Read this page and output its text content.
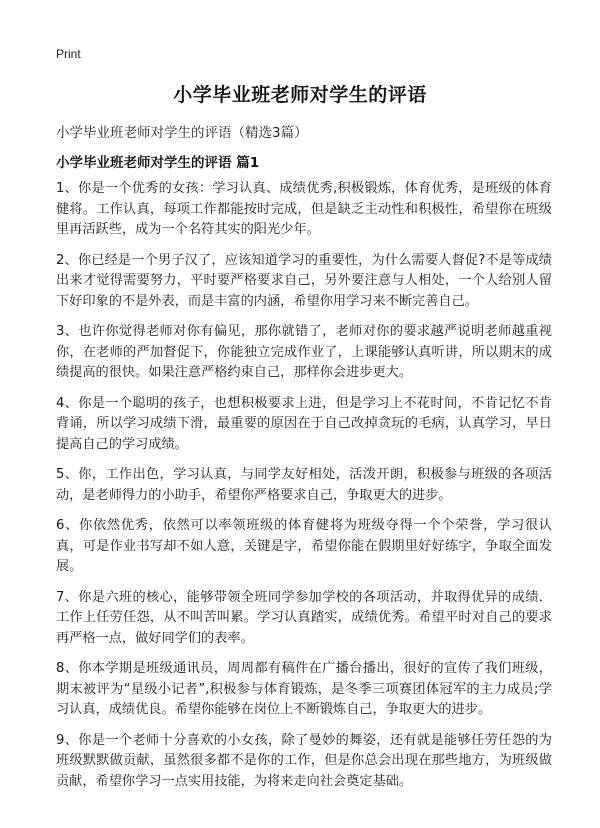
Print
小学毕业班老师对学生的评语
小学毕业班老师对学生的评语（精选3篇）
小学毕业班老师对学生的评语 篇1

1、你是一个优秀的女孩：学习认真、成绩优秀,积极锻炼，体育优秀，是班级的体育健将。工作认真，每项工作都能按时完成，但是缺乏主动性和积极性，希望你在班级里再活跃些，成为一个名符其实的阳光少年。

2、你已经是一个男子汉了，应该知道学习的重要性，为什么需要人督促?不是等成绩出来才觉得需要努力，平时要严格要求自己，另外要注意与人相处，一个人给别人留下好印象的不是外表，而是丰富的内涵，希望你用学习来不断完善自己。

3、也许你觉得老师对你有偏见，那你就错了，老师对你的要求越严说明老师越重视你，在老师的严加督促下，你能独立完成作业了，上课能够认真听讲，所以期末的成绩提高的很快。如果注意严格约束自己，那样你会进步更大。

4、你是一个聪明的孩子，也想积极要求上进，但是学习上不花时间，不肯记忆不肯背诵，所以学习成绩下滑，最重要的原因在于自己改掉贪玩的毛病，认真学习，早日提高自己的学习成绩。

5、你，工作出色，学习认真，与同学友好相处，活泼开朗，积极参与班级的各项活动，是老师得力的小助手，希望你严格要求自己，争取更大的进步。

6、你依然优秀，依然可以率领班级的体育健将为班级夺得一个个荣誉，学习很认真，可是作业书写却不如人意，关键是字，希望你能在假期里好好练字，争取全面发展。

7、你是六班的核心，能够带领全班同学参加学校的各项活动，并取得优异的成绩．工作上任劳任怨，从不叫苦叫累。学习认真踏实，成绩优秀。希望平时对自己的要求再严格一点，做好同学们的表率。

8、你本学期是班级通讯员，周周都有稿件在广播台播出，很好的宣传了我们班级，期末被评为“星级小记者”,积极参与体育锻炼，是冬季三项赛团体冠军的主力成员;学习认真，成绩优良。希望你能够在岗位上不断锻炼自己，争取更大的进步。

9、你是一个老师十分喜欢的小女孩，除了曼妙的舞姿，还有就是能够任劳任怨的为班级默默做贡献，虽然很多都不是你的工作，但是你总会出现在那些地方，为班级做贡献，希望你学习一点实用技能，为将来走向社会奠定基础。
